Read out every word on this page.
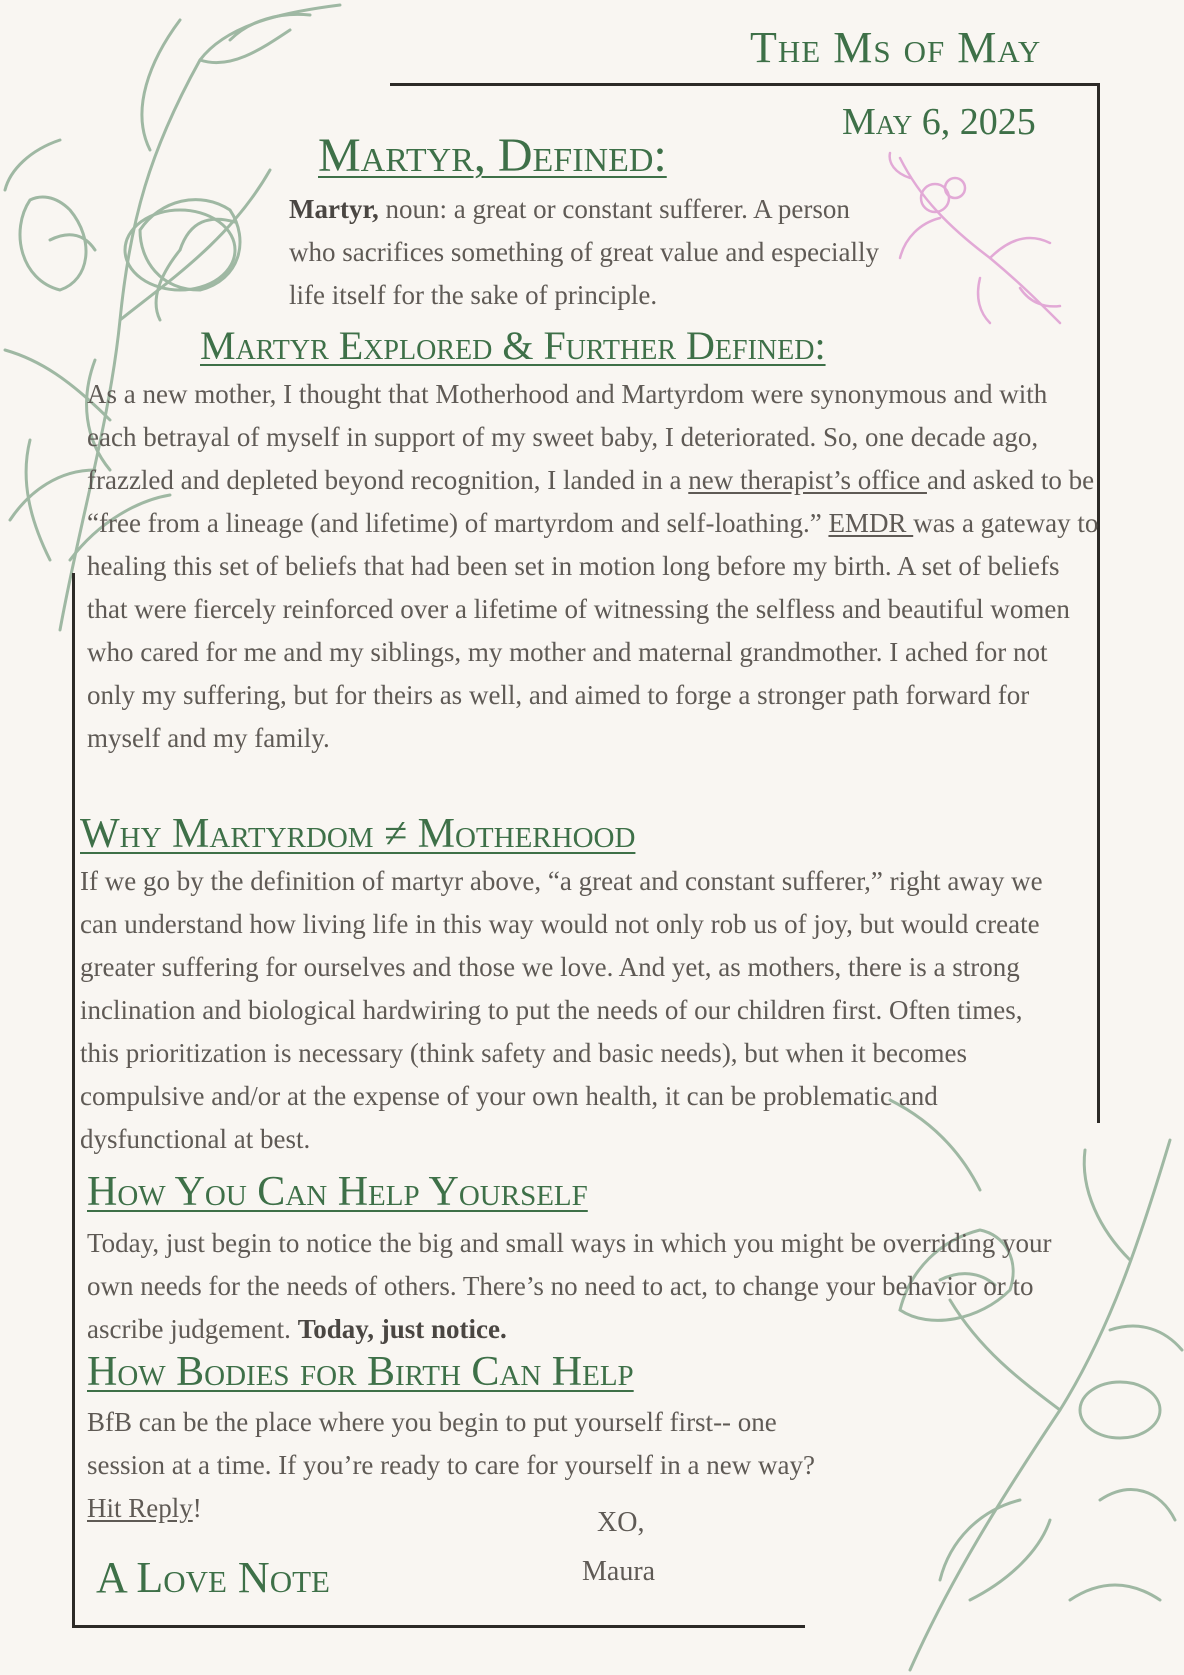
The Ms of May
May 6, 2025
Martyr, Defined:
Martyr, noun: a great or constant sufferer. A person
who sacrifices something of great value and especially
life itself for the sake of principle.
Martyr Explored & Further Defined:

As a new mother, I thought that Motherhood and Martyrdom were synonymous and with each betrayal of myself in support of my sweet baby, I deteriorated. So, one decade ago, frazzled and depleted beyond recognition, I landed in a new therapist’s office and asked to be “free from a lineage (and lifetime) of martyrdom and self-loathing.” EMDR was a gateway to healing this set of beliefs that had been set in motion long before my birth. A set of beliefs that were fiercely reinforced over a lifetime of witnessing the selfless and beautiful women who cared for me and my siblings, my mother and maternal grandmother. I ached for not only my suffering, but for theirs as well, and aimed to forge a stronger path forward for myself and my family.

Why Martyrdom ≠ Motherhood

If we go by the definition of martyr above, “a great and constant sufferer,” right away we can understand how living life in this way would not only rob us of joy, but would create greater suffering for ourselves and those we love. And yet, as mothers, there is a strong inclination and biological hardwiring to put the needs of our children first. Often times, this prioritization is necessary (think safety and basic needs), but when it becomes compulsive and/or at the expense of your own health, it can be problematic and dysfunctional at best.

How You Can Help Yourself

Today, just begin to notice the big and small ways in which you might be overriding your own needs for the needs of others. There’s no need to act, to change your behavior or to ascribe judgement. Today, just notice.

How Bodies for Birth Can Help

BfB can be the place where you begin to put yourself first-- one session at a time. If you’re ready to care for yourself in a new way? Hit Reply!	XO,
Maura
A Love Note
